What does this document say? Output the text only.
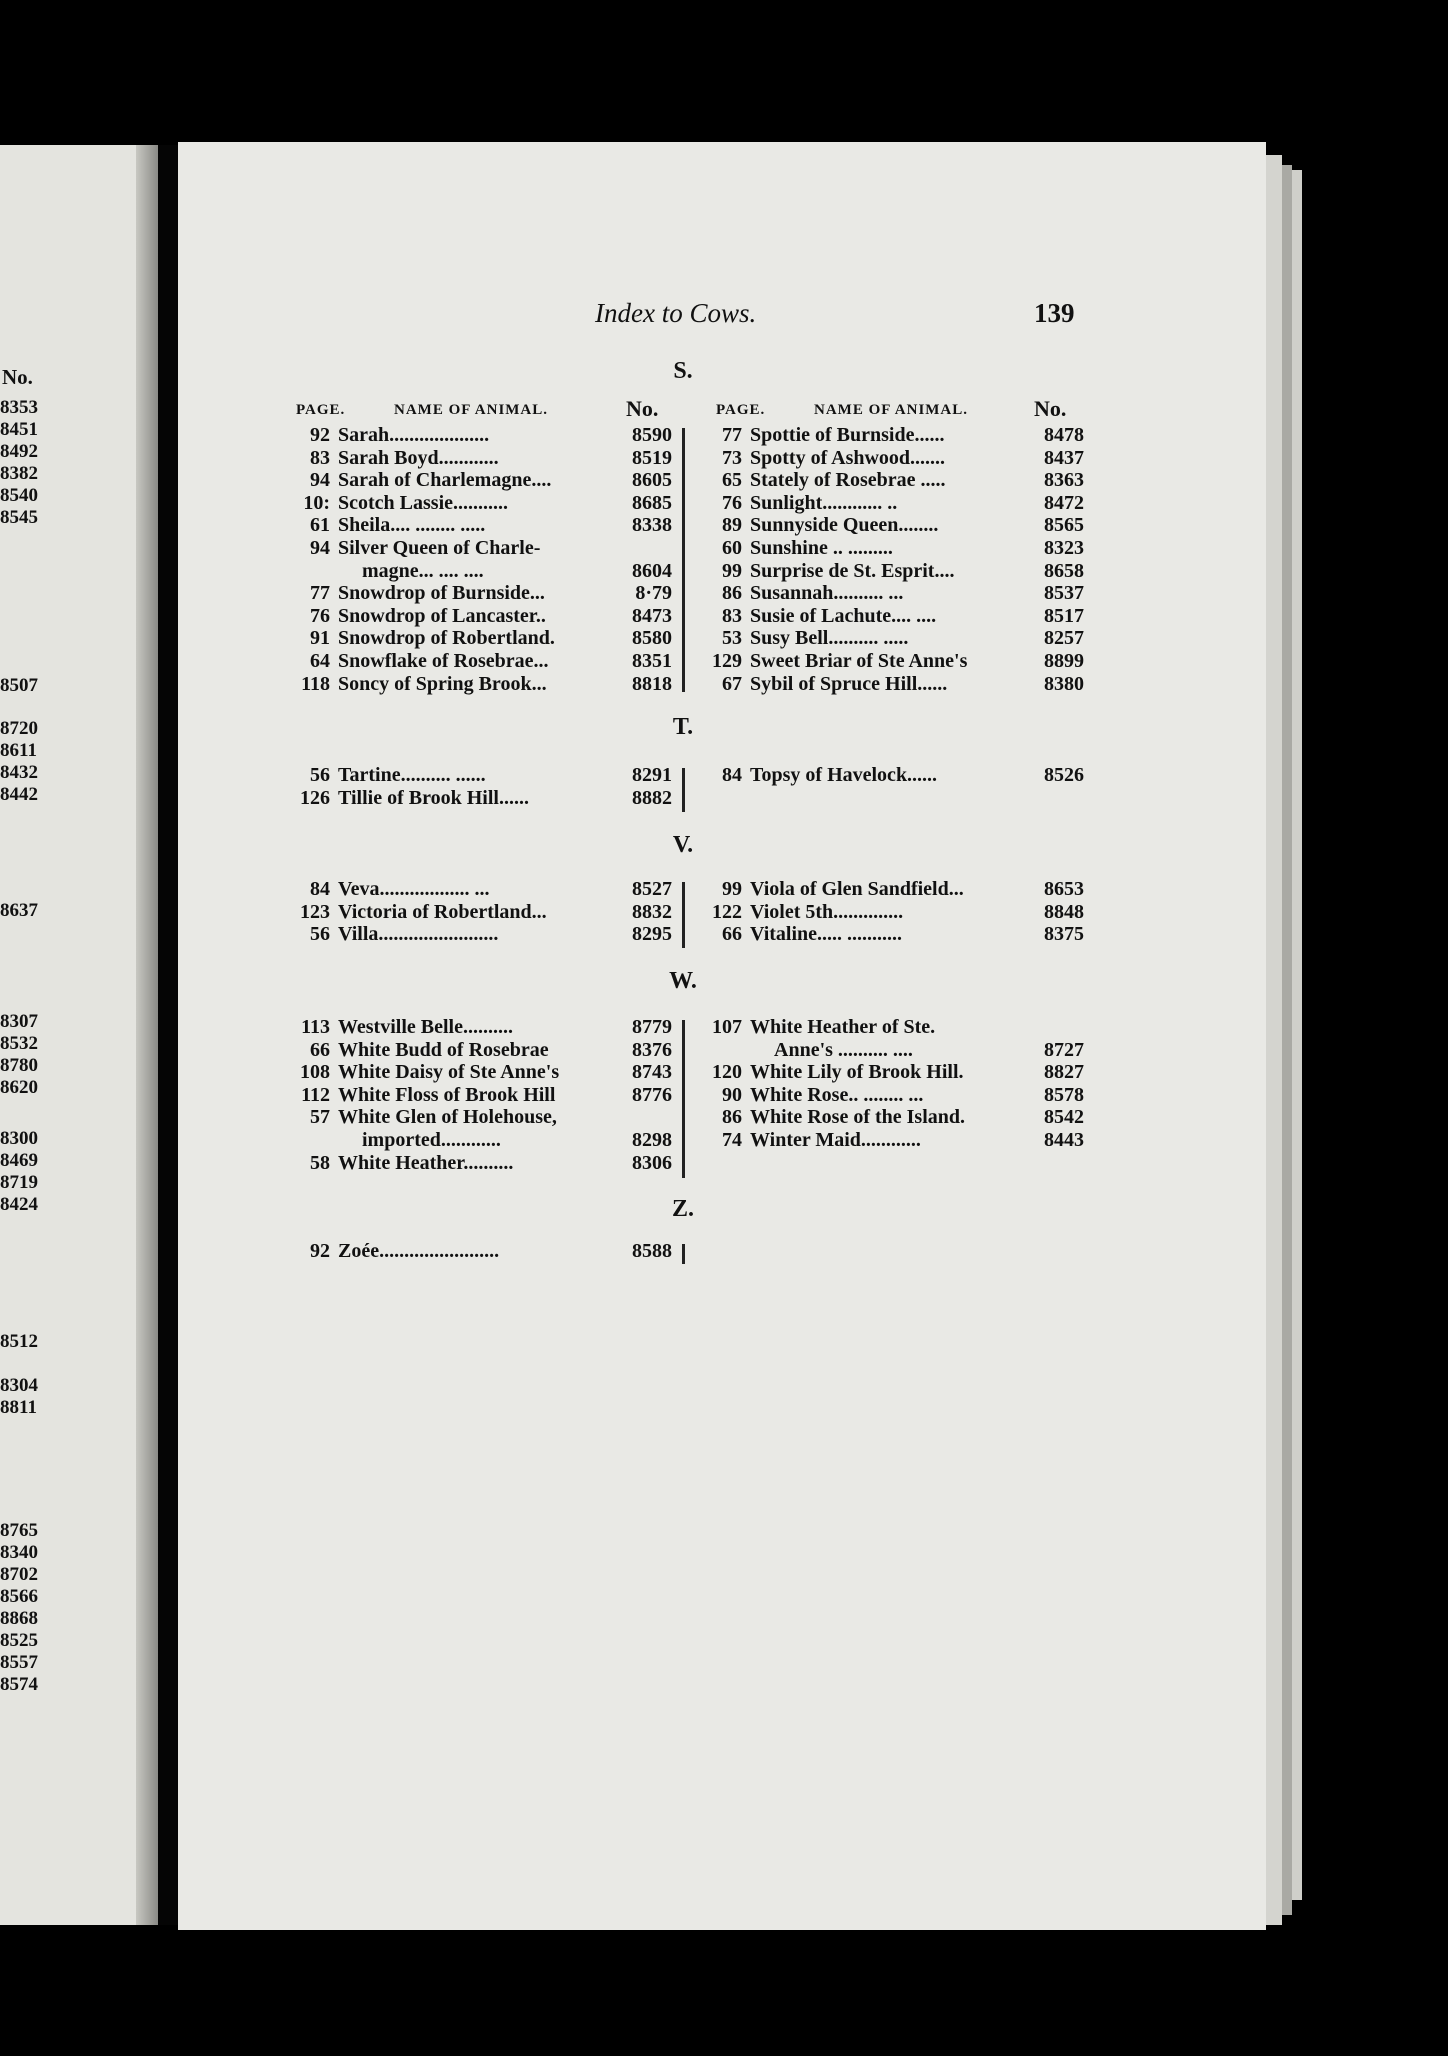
No.
8353
8451
8492
8382
8540
8545
8507
8720
8611
8432
8442
8637
8307
8532
8780
8620
8300
8469
8719
8424
8512
8304
8811
8765
8340
8702
8566
8868
8525
8557
8574
Index to Cows.	139
PAGE.	NAME OF ANIMAL.	No.	PAGE.	NAME OF ANIMAL.	No.
S.
92 Sarah....................	8590
83 Sarah Boyd............	8519
94 Sarah of Charlemagne....	8605
10: Scotch Lassie...........	8685
61 Sheila.... ........ .....	8338
94 Silver Queen of Charle-
magne... .... ....	8604
77 Snowdrop of Burnside...	8·79
76 Snowdrop of Lancaster..	8473
91 Snowdrop of Robertland.	8580
64 Snowflake of Rosebrae...	8351
118 Soncy of Spring Brook...	8818
77 Spottie of Burnside......	8478
73 Spotty of Ashwood.......	8437
65 Stately of Rosebrae .....	8363
76 Sunlight............ ..	8472
89 Sunnyside Queen........	8565
60 Sunshine .. .........	8323
99 Surprise de St. Esprit....	8658
86 Susannah.......... ...	8537
83 Susie of Lachute.... ....	8517
53 Susy Bell.......... .....	8257
129 Sweet Briar of Ste Anne's	8899
67 Sybil of Spruce Hill......	8380
T.
56 Tartine.......... ......	8291
126 Tillie of Brook Hill......	8882
84 Topsy of Havelock......	8526
V.
84 Veva.................. ...	8527
123 Victoria of Robertland...	8832
56 Villa........................	8295
99 Viola of Glen Sandfield...	8653
122 Violet 5th..............	8848
66 Vitaline..... ...........	8375
W.
113 Westville Belle..........	8779
66 White Budd of Rosebrae	8376
108 White Daisy of Ste Anne's	8743
112 White Floss of Brook Hill	8776
57 White Glen of Holehouse,
imported............	8298
58 White Heather..........	8306
107 White Heather of Ste.
Anne's .......... ....	8727
120 White Lily of Brook Hill.	8827
90 White Rose.. ........ ...	8578
86 White Rose of the Island.	8542
74 Winter Maid............	8443
Z.
92 Zoée........................	8588
